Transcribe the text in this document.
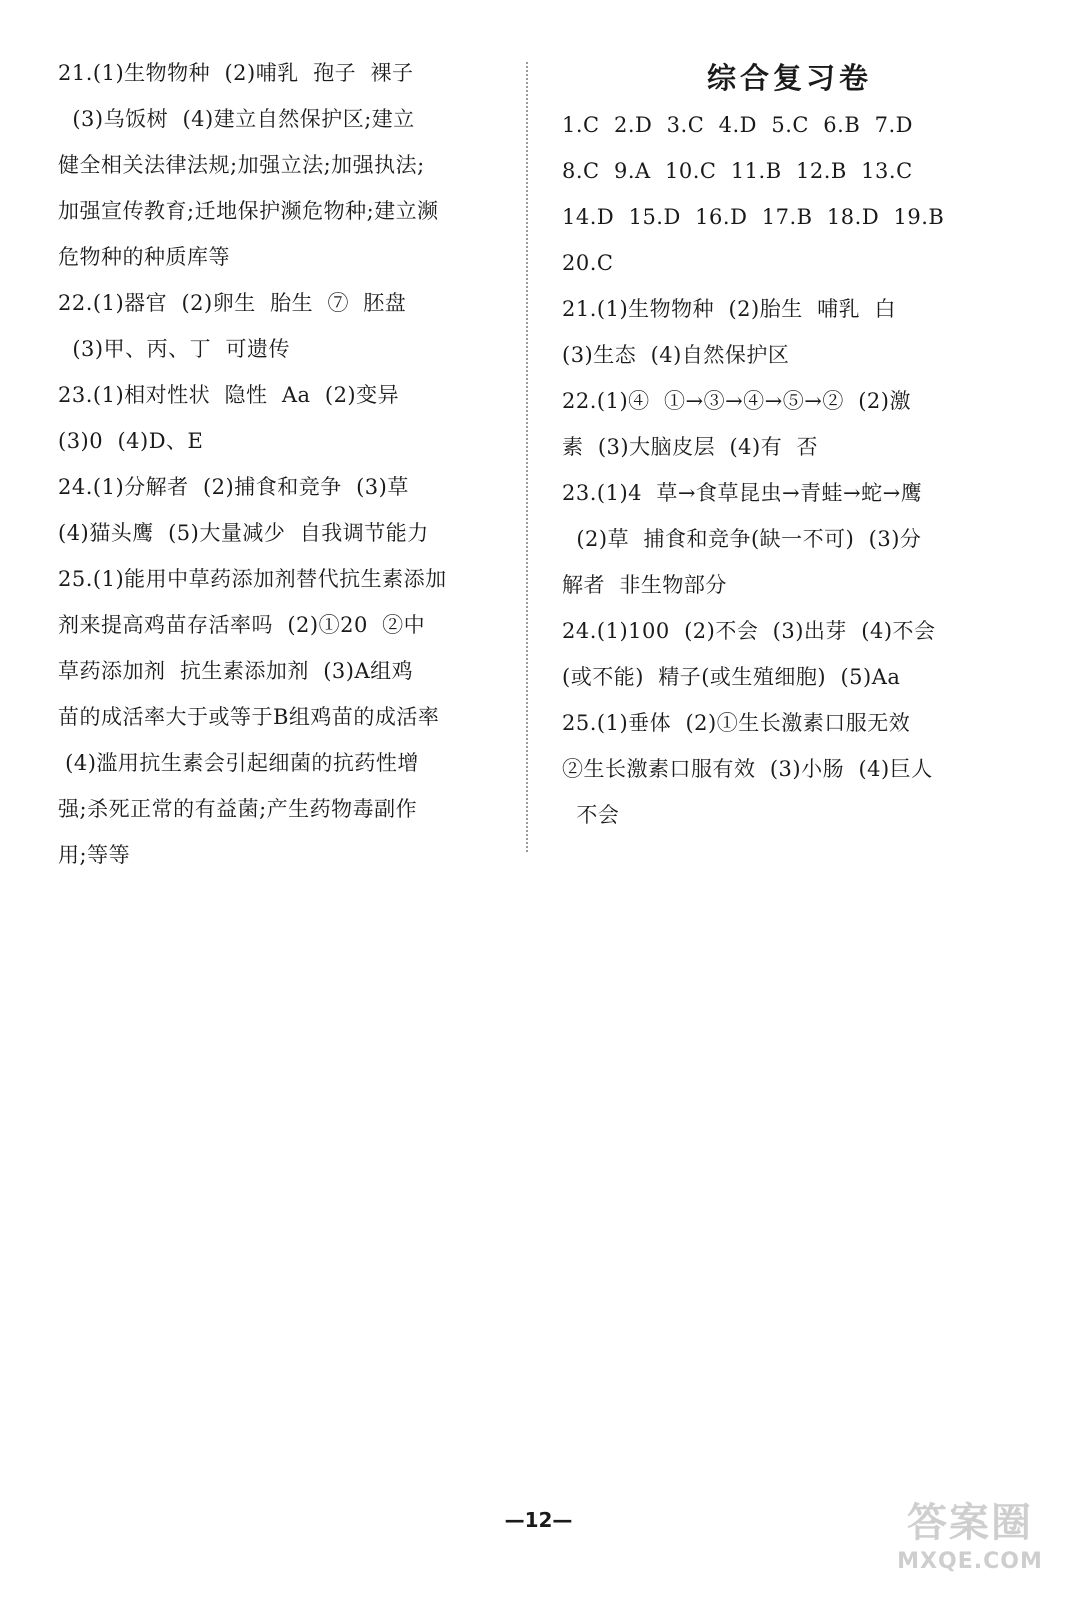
21.(1)生物物种  (2)哺乳  孢子  裸子
(3)乌饭树  (4)建立自然保护区;建立
健全相关法律法规;加强立法;加强执法;
加强宣传教育;迁地保护濒危物种;建立濒
危物种的种质库等
22.(1)器官  (2)卵生  胎生  ⑦  胚盘
(3)甲、丙、丁  可遗传
23.(1)相对性状  隐性  Aa  (2)变异
(3)0  (4)D、E
24.(1)分解者  (2)捕食和竞争  (3)草
(4)猫头鹰  (5)大量减少  自我调节能力
25.(1)能用中草药添加剂替代抗生素添加
剂来提高鸡苗存活率吗  (2)①20  ②中
草药添加剂  抗生素添加剂  (3)A组鸡
苗的成活率大于或等于B组鸡苗的成活率
(4)滥用抗生素会引起细菌的抗药性增
强;杀死正常的有益菌;产生药物毒副作
用;等等
综合复习卷
1.C  2.D  3.C  4.D  5.C  6.B  7.D
8.C  9.A  10.C  11.B  12.B  13.C
14.D  15.D  16.D  17.B  18.D  19.B
20.C
21.(1)生物物种  (2)胎生  哺乳  白
(3)生态  (4)自然保护区
22.(1)④  ①→③→④→⑤→②  (2)激
素  (3)大脑皮层  (4)有  否
23.(1)4  草→食草昆虫→青蛙→蛇→鹰
(2)草  捕食和竞争(缺一不可)  (3)分
解者  非生物部分
24.(1)100  (2)不会  (3)出芽  (4)不会
(或不能)  精子(或生殖细胞)  (5)Aa
25.(1)垂体  (2)①生长激素口服无效
②生长激素口服有效  (3)小肠  (4)巨人
不会
—12—	答案圈
MXQE.COM
